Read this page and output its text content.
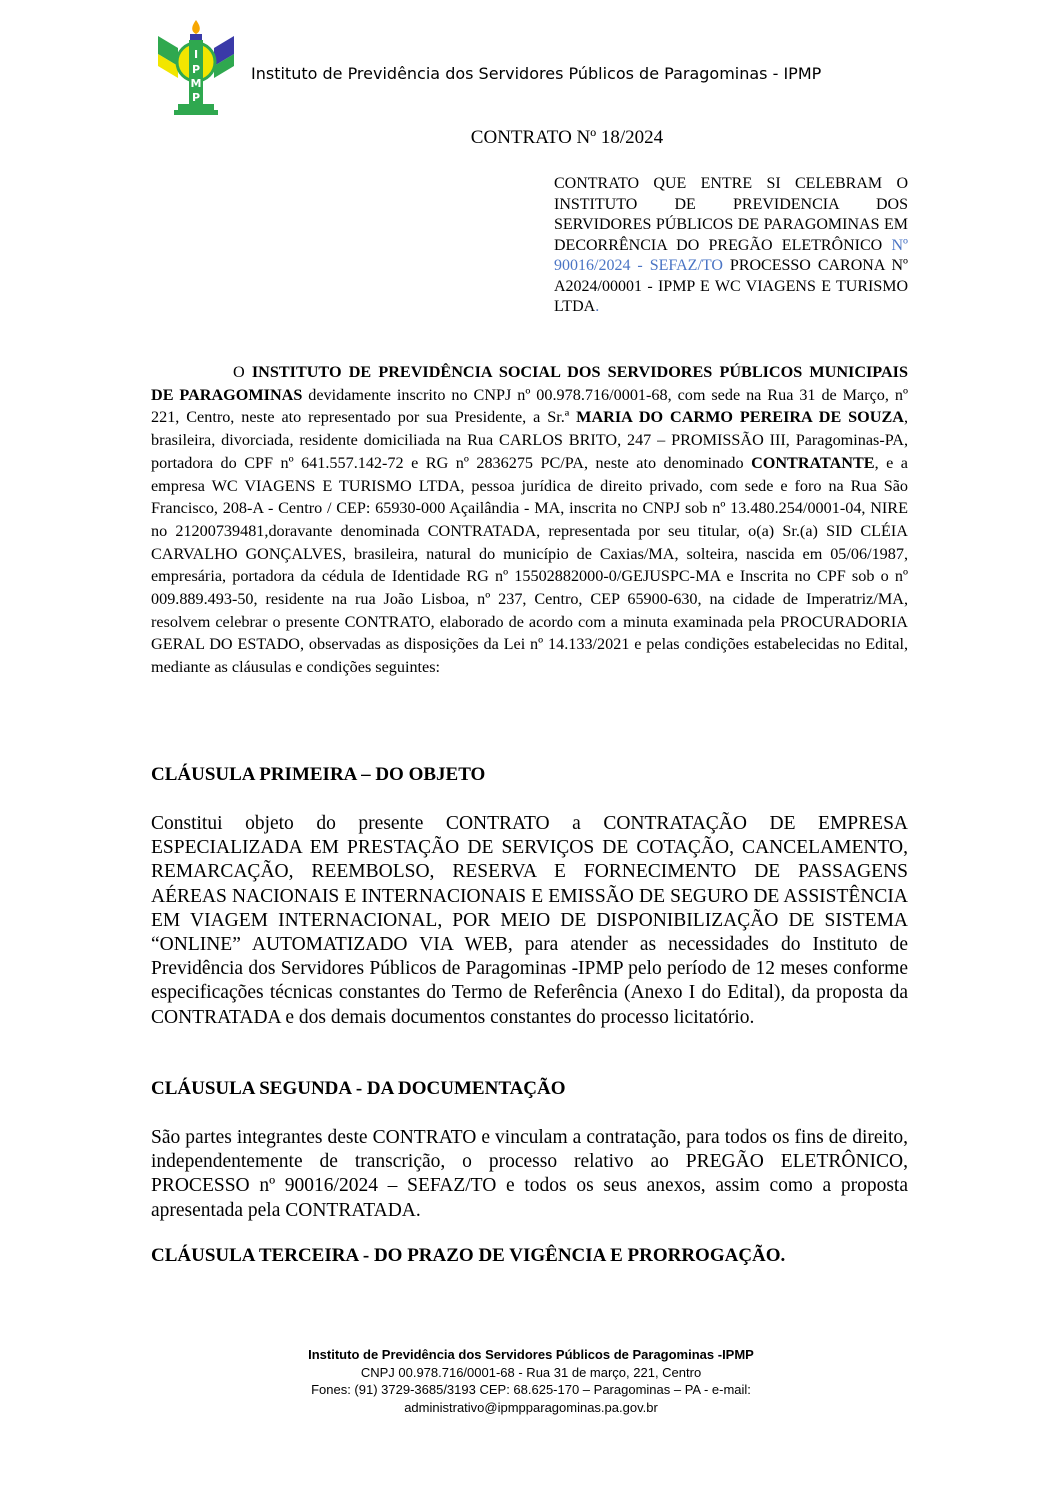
I
P
M
P
Instituto de Previdência dos Servidores Públicos de Paragominas - IPMP
CONTRATO Nº 18/2024
CONTRATO QUE ENTRE SI CELEBRAM O INSTITUTO DE PREVIDENCIA DOS SERVIDORES PÚBLICOS DE PARAGOMINAS EM DECORRÊNCIA DO PREGÃO ELETRÔNICO Nº 90016/2024 - SEFAZ/TO PROCESSO CARONA Nº A2024/00001 - IPMP E WC VIAGENS E TURISMO LTDA.

O INSTITUTO DE PREVIDÊNCIA SOCIAL DOS SERVIDORES PÚBLICOS MUNICIPAIS DE PARAGOMINAS devidamente inscrito no CNPJ nº 00.978.716/0001-68, com sede na Rua 31 de Março, nº 221, Centro, neste ato representado por sua Presidente, a Sr.ª MARIA DO CARMO PEREIRA DE SOUZA, brasileira, divorciada, residente domiciliada na Rua CARLOS BRITO, 247 – PROMISSÃO III, Paragominas-PA, portadora do CPF nº 641.557.142-72 e RG nº 2836275 PC/PA, neste ato denominado CONTRATANTE, e a empresa WC VIAGENS E TURISMO LTDA, pessoa jurídica de direito privado, com sede e foro na Rua São Francisco, 208-A - Centro / CEP: 65930-000 Açailândia - MA, inscrita no CNPJ sob nº 13.480.254/0001-04, NIRE no 21200739481,doravante denominada CONTRATADA, representada por seu titular, o(a) Sr.(a) SID CLÉIA CARVALHO GONÇALVES, brasileira, natural do município de Caxias/MA, solteira, nascida em 05/06/1987, empresária, portadora da cédula de Identidade RG nº 15502882000-0/GEJUSPC-MA e Inscrita no CPF sob o nº 009.889.493-50, residente na rua João Lisboa, nº 237, Centro, CEP 65900-630, na cidade de Imperatriz/MA, resolvem celebrar o presente CONTRATO, elaborado de acordo com a minuta examinada pela PROCURADORIA GERAL DO ESTADO, observadas as disposições da Lei nº 14.133/2021 e pelas condições estabelecidas no Edital, mediante as cláusulas e condições seguintes:

CLÁUSULA PRIMEIRA – DO OBJETO

Constitui objeto do presente CONTRATO a CONTRATAÇÃO DE EMPRESA ESPECIALIZADA EM PRESTAÇÃO DE SERVIÇOS DE COTAÇÃO, CANCELAMENTO, REMARCAÇÃO, REEMBOLSO, RESERVA E FORNECIMENTO DE PASSAGENS AÉREAS NACIONAIS E INTERNACIONAIS E EMISSÃO DE SEGURO DE ASSISTÊNCIA EM VIAGEM INTERNACIONAL, POR MEIO DE DISPONIBILIZAÇÃO DE SISTEMA “ONLINE” AUTOMATIZADO VIA WEB, para atender as necessidades do Instituto de Previdência dos Servidores Públicos de Paragominas -IPMP pelo período de 12 meses conforme especificações técnicas constantes do Termo de Referência (Anexo I do Edital), da proposta da CONTRATADA e dos demais documentos constantes do processo licitatório.

CLÁUSULA SEGUNDA - DA DOCUMENTAÇÃO

São partes integrantes deste CONTRATO e vinculam a contratação, para todos os fins de direito, independentemente de transcrição, o processo relativo ao PREGÃO ELETRÔNICO, PROCESSO nº 90016/2024 – SEFAZ/TO e todos os seus anexos, assim como a proposta apresentada pela CONTRATADA.

CLÁUSULA TERCEIRA - DO PRAZO DE VIGÊNCIA E PRORROGAÇÃO.
Instituto de Previdência dos Servidores Públicos de Paragominas -IPMP
CNPJ 00.978.716/0001-68 - Rua 31 de março, 221, Centro
Fones: (91) 3729-3685/3193 CEP: 68.625-170 – Paragominas – PA - e-mail:
administrativo@ipmpparagominas.pa.gov.br
